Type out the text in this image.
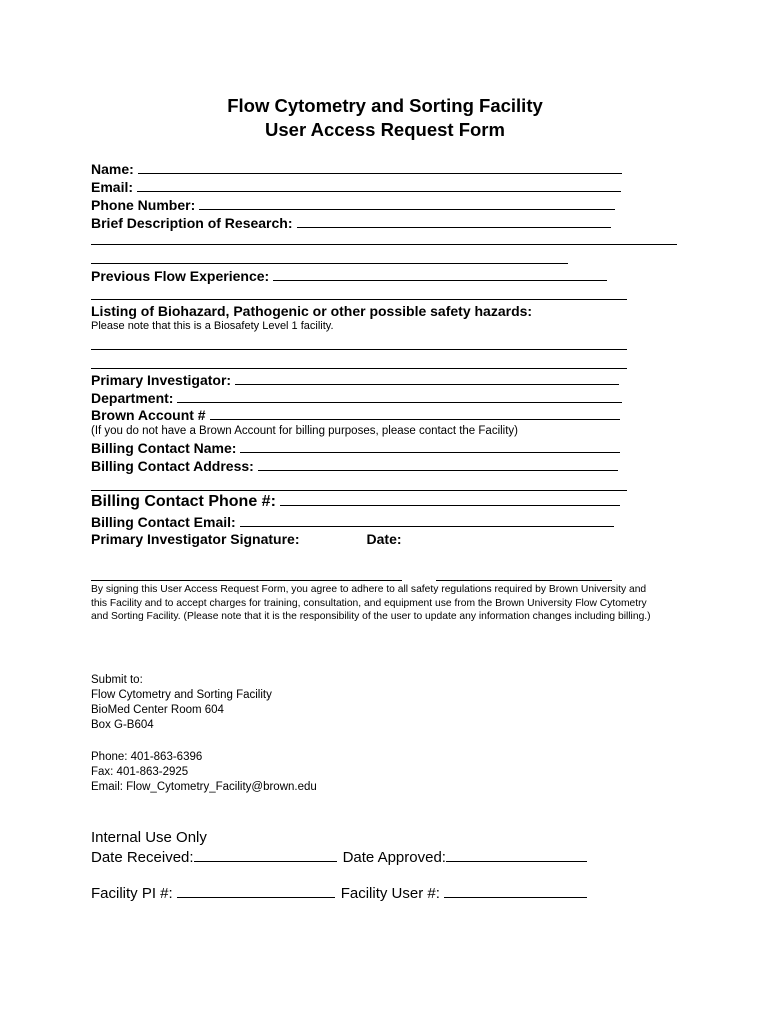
Flow Cytometry and Sorting Facility
User Access Request Form
Name:
Email:
Phone Number:
Brief Description of Research:
Previous Flow Experience:
Listing of Biohazard, Pathogenic or other possible safety hazards:
Please note that this is a Biosafety Level 1 facility.
Primary Investigator:
Department:
Brown Account #
(If you do not have a Brown Account for billing purposes, please contact the Facility)
Billing Contact Name:
Billing Contact Address:
Billing Contact Phone #:
Billing Contact Email:
Primary Investigator Signature:	Date:
By signing this User Access Request Form, you agree to adhere to all safety regulations required by Brown University and this Facility and to accept charges for training, consultation, and equipment use from the Brown University Flow Cytometry and Sorting Facility. (Please note that it is the responsibility of the user to update any information changes including billing.)
Submit to:
Flow Cytometry and Sorting Facility
BioMed Center Room 604
Box G-B604
Phone: 401-863-6396
Fax: 401-863-2925
Email: Flow_Cytometry_Facility@brown.edu
Internal Use Only
Date Received:	Date Approved:
Facility PI #:	Facility User #:
